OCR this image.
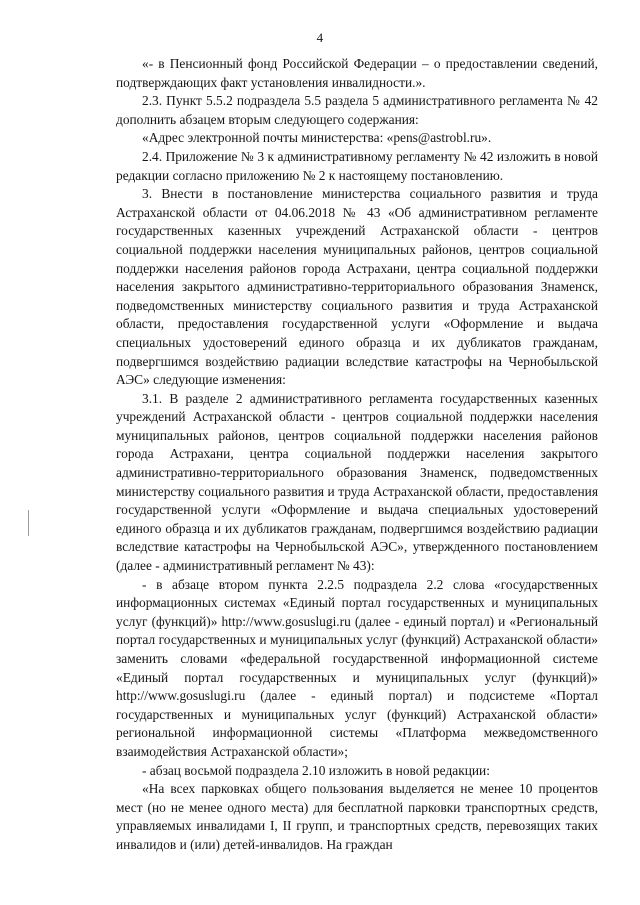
4

«- в Пенсионный фонд Российской Федерации – о предоставлении сведений, подтверждающих факт установления инвалидности.».

2.3. Пункт 5.5.2 подраздела 5.5 раздела 5 административного регламента № 42 дополнить абзацем вторым следующего содержания:

«Адрес электронной почты министерства: «pens@astrobl.ru».

2.4. Приложение № 3 к административному регламенту № 42 изложить в новой редакции согласно приложению № 2 к настоящему постановлению.

3. Внести в постановление министерства социального развития и труда Астраханской области от 04.06.2018 № 43 «Об административном регламенте государственных казенных учреждений Астраханской области - центров социальной поддержки населения муниципальных районов, центров социальной поддержки населения районов города Астрахани, центра социальной поддержки населения закрытого административно-территориального образования Знаменск, подведомственных министерству социального развития и труда Астраханской области, предоставления государственной услуги «Оформление и выдача специальных удостоверений единого образца и их дубликатов гражданам, подвергшимся воздействию радиации вследствие катастрофы на Чернобыльской АЭС» следующие изменения:

3.1. В разделе 2 административного регламента государственных казенных учреждений Астраханской области - центров социальной поддержки населения муниципальных районов, центров социальной поддержки населения районов города Астрахани, центра социальной поддержки населения закрытого административно-территориального образования Знаменск, подведомственных министерству социального развития и труда Астраханской области, предоставления государственной услуги «Оформление и выдача специальных удостоверений единого образца и их дубликатов гражданам, подвергшимся воздействию радиации вследствие катастрофы на Чернобыльской АЭС», утвержденного постановлением (далее - административный регламент № 43):

- в абзаце втором пункта 2.2.5 подраздела 2.2 слова «государственных информационных системах «Единый портал государственных и муниципальных услуг (функций)» http://www.gosuslugi.ru (далее - единый портал) и «Региональный портал государственных и муниципальных услуг (функций) Астраханской области» заменить словами «федеральной государственной информационной системе «Единый портал государственных и муниципальных услуг (функций)» http://www.gosuslugi.ru (далее - единый портал) и подсистеме «Портал государственных и муниципальных услуг (функций) Астраханской области» региональной информационной системы «Платформа межведомственного взаимодействия Астраханской области»;

- абзац восьмой подраздела 2.10 изложить в новой редакции:

«На всех парковках общего пользования выделяется не менее 10 процентов мест (но не менее одного места) для бесплатной парковки транспортных средств, управляемых инвалидами I, II групп, и транспортных средств, перевозящих таких инвалидов и (или) детей-инвалидов. На граждан
